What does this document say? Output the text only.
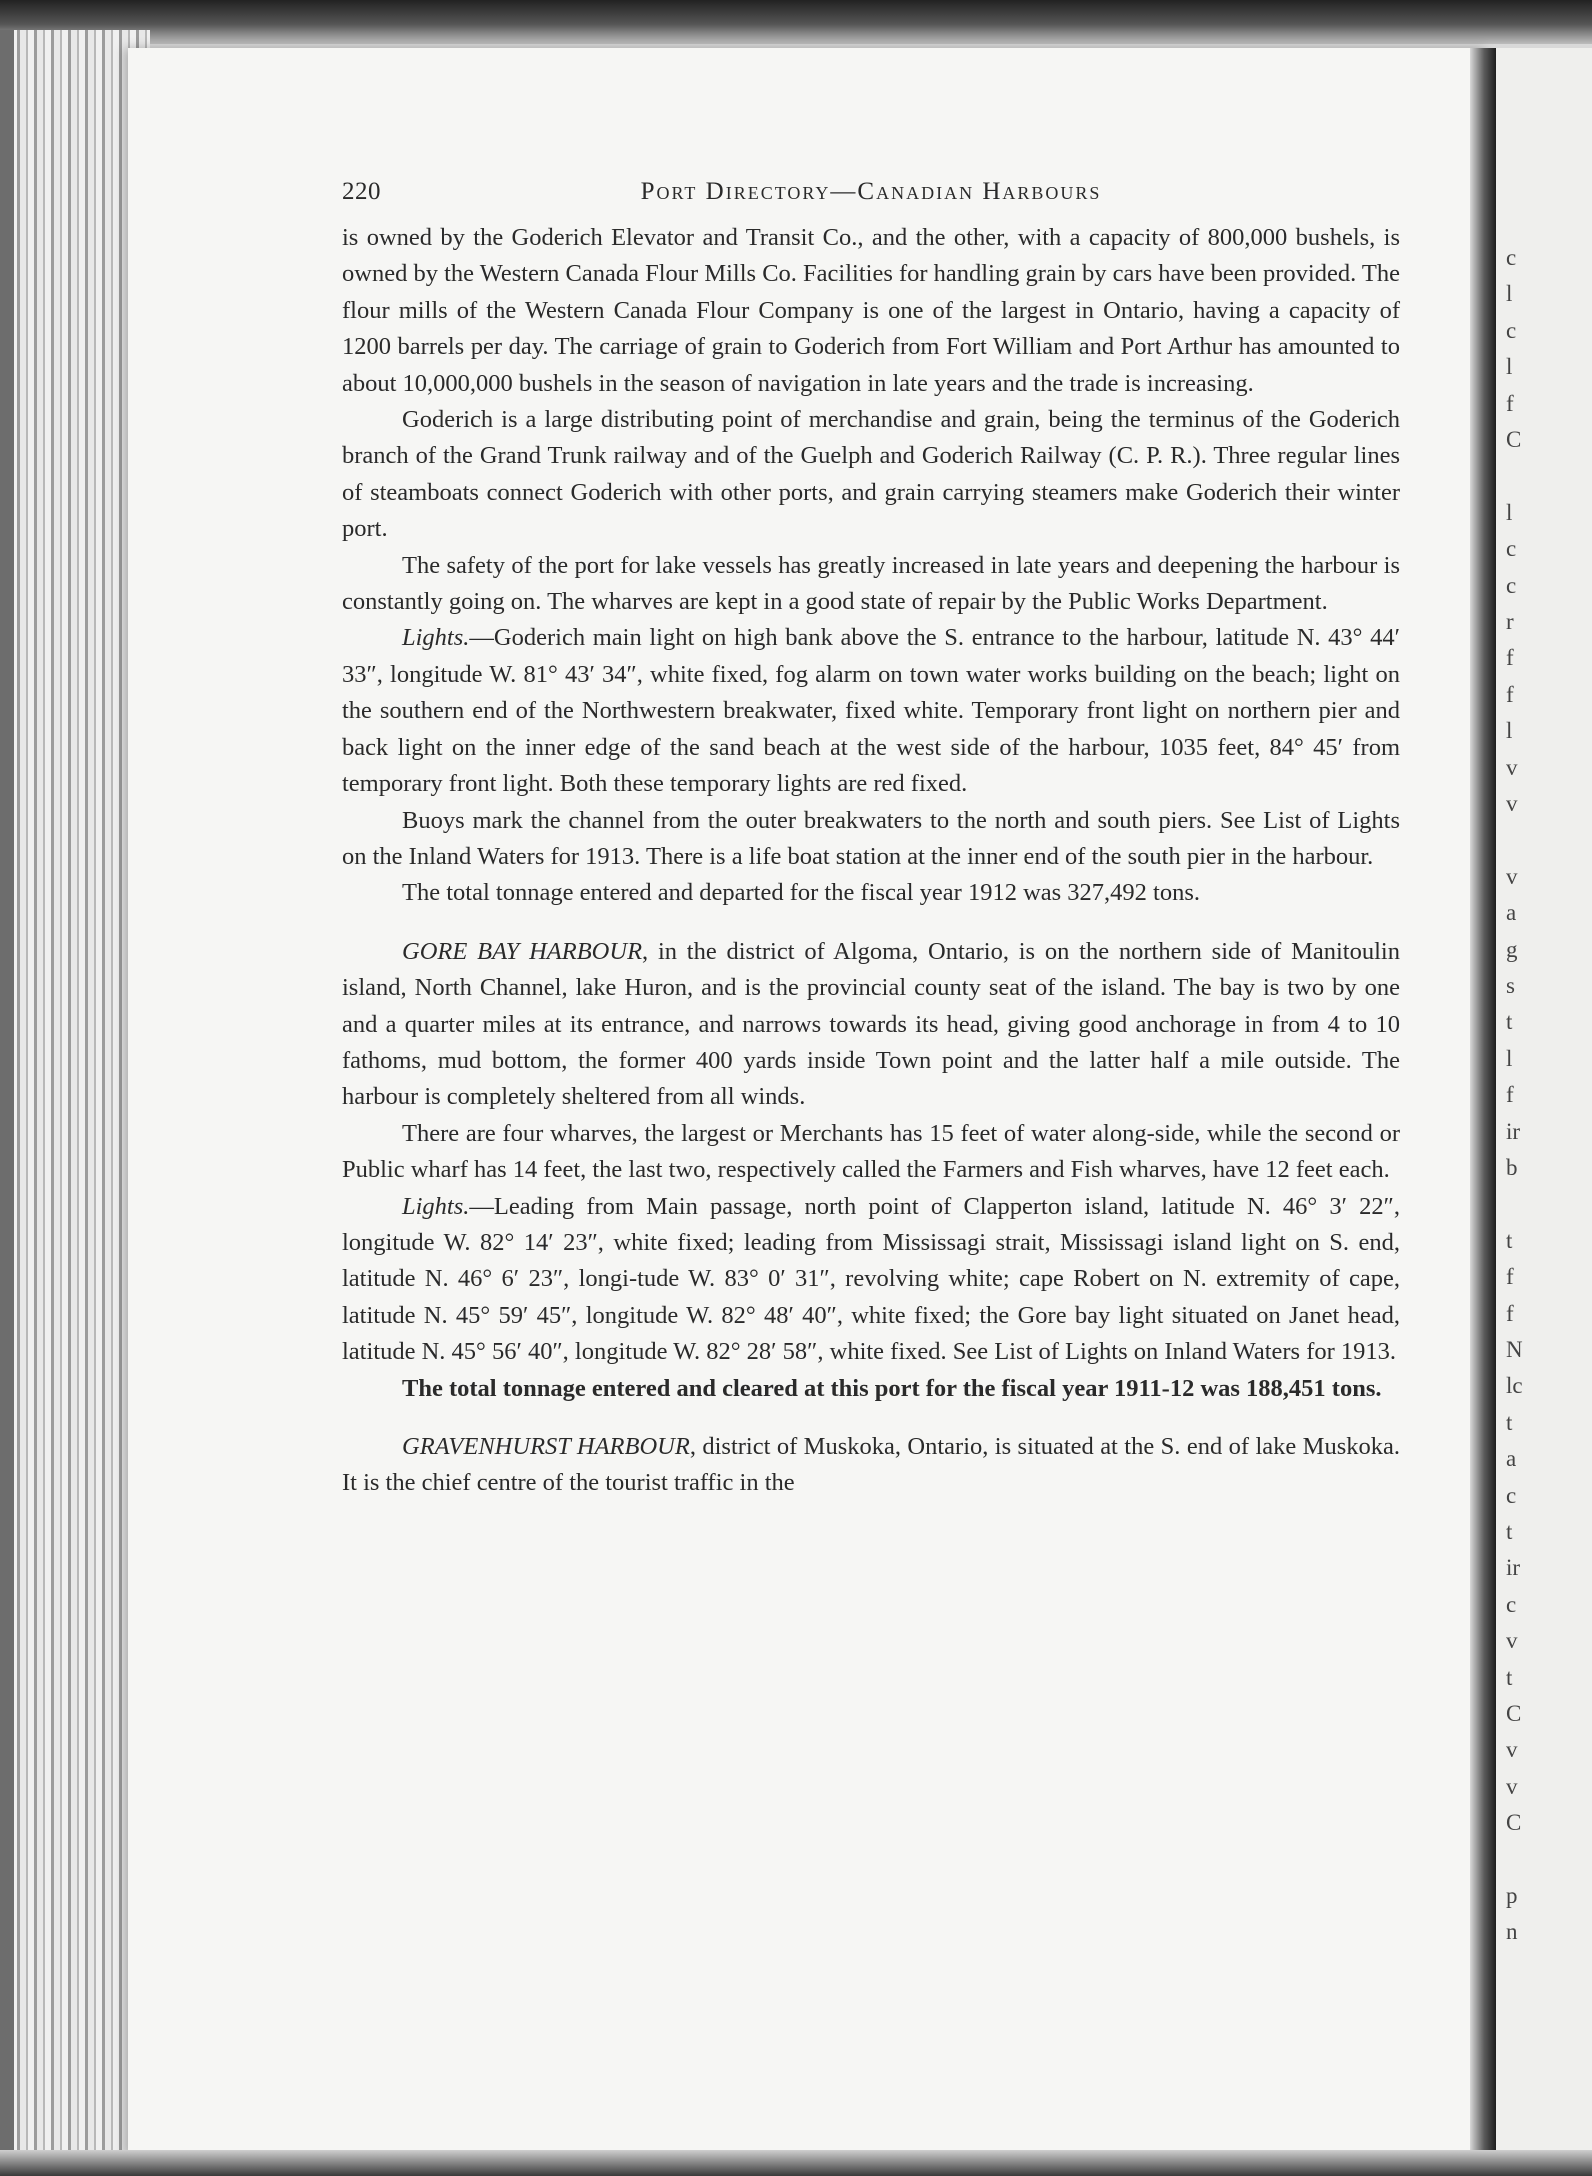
c
l
c
l
f
C
l
c
c
r
f
f
l
v
v
v
a
g
s
t
l
f
ir
b
t
f
f
N
lc
t
a
c
t
ir
c
v
t
C
v
v
C
p
n
220	Port Directory—Canadian Harbours

is owned by the Goderich Elevator and Transit Co., and the other, with a capacity of 800,000 bushels, is owned by the Western Canada Flour Mills Co. Facilities for handling grain by cars have been provided. The flour mills of the Western Canada Flour Company is one of the largest in Ontario, having a capacity of 1200 barrels per day. The carriage of grain to Goderich from Fort William and Port Arthur has amounted to about 10,000,000 bushels in the season of navigation in late years and the trade is increasing.

Goderich is a large distributing point of merchandise and grain, being the terminus of the Goderich branch of the Grand Trunk railway and of the Guelph and Goderich Railway (C. P. R.). Three regular lines of steamboats connect Goderich with other ports, and grain carrying steamers make Goderich their winter port.

The safety of the port for lake vessels has greatly increased in late years and deepening the harbour is constantly going on. The wharves are kept in a good state of repair by the Public Works Department.

Lights.—Goderich main light on high bank above the S. entrance to the harbour, latitude N. 43° 44′ 33″, longitude W. 81° 43′ 34″, white fixed, fog alarm on town water works building on the beach; light on the southern end of the Northwestern breakwater, fixed white. Temporary front light on northern pier and back light on the inner edge of the sand beach at the west side of the harbour, 1035 feet, 84° 45′ from temporary front light. Both these temporary lights are red fixed.

Buoys mark the channel from the outer breakwaters to the north and south piers. See List of Lights on the Inland Waters for 1913. There is a life boat station at the inner end of the south pier in the harbour.

The total tonnage entered and departed for the fiscal year 1912 was 327,492 tons.

GORE BAY HARBOUR, in the district of Algoma, Ontario, is on the northern side of Manitoulin island, North Channel, lake Huron, and is the provincial county seat of the island. The bay is two by one and a quarter miles at its entrance, and narrows towards its head, giving good anchorage in from 4 to 10 fathoms, mud bottom, the former 400 yards inside Town point and the latter half a mile outside. The harbour is completely sheltered from all winds.

There are four wharves, the largest or Merchants has 15 feet of water along-side, while the second or Public wharf has 14 feet, the last two, respectively called the Farmers and Fish wharves, have 12 feet each.

Lights.—Leading from Main passage, north point of Clapperton island, latitude N. 46° 3′ 22″, longitude W. 82° 14′ 23″, white fixed; leading from Mississagi strait, Mississagi island light on S. end, latitude N. 46° 6′ 23″, longi-tude W. 83° 0′ 31″, revolving white; cape Robert on N. extremity of cape, latitude N. 45° 59′ 45″, longitude W. 82° 48′ 40″, white fixed; the Gore bay light situated on Janet head, latitude N. 45° 56′ 40″, longitude W. 82° 28′ 58″, white fixed. See List of Lights on Inland Waters for 1913.

The total tonnage entered and cleared at this port for the fiscal year 1911-12 was 188,451 tons.

GRAVENHURST HARBOUR, district of Muskoka, Ontario, is situated at the S. end of lake Muskoka. It is the chief centre of the tourist traffic in the
